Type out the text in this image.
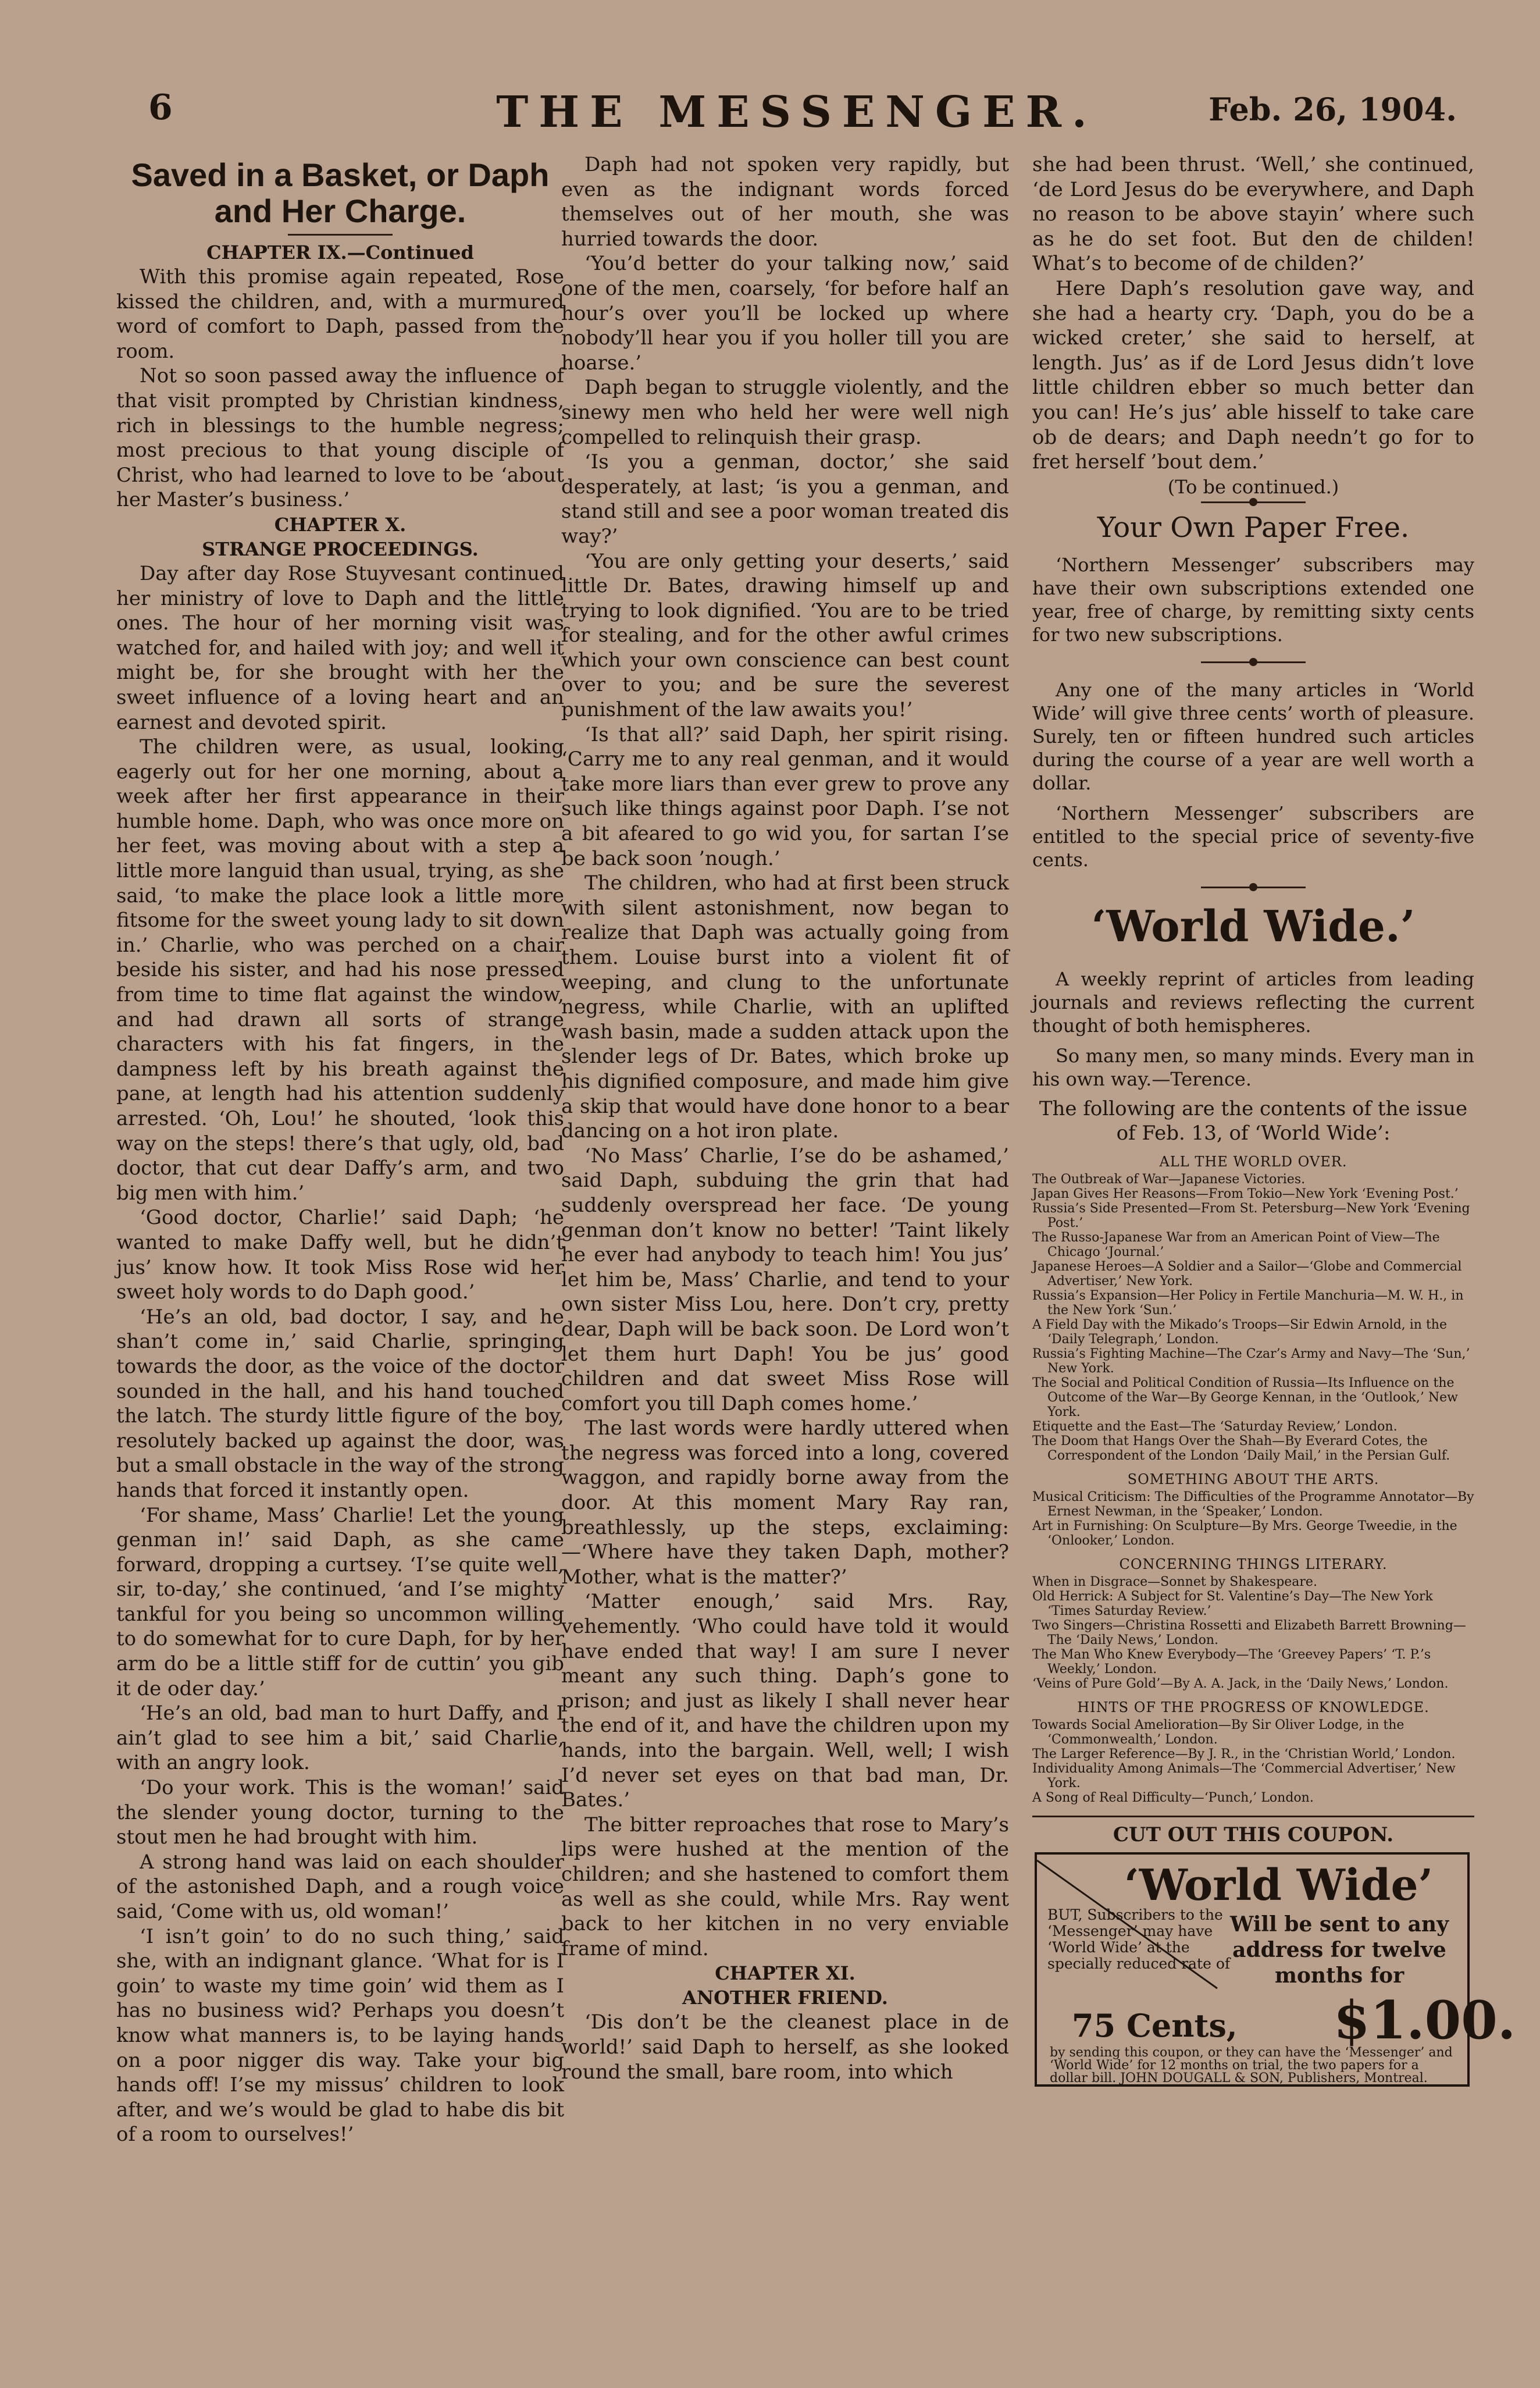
6	THE MESSENGER.	Feb. 26, 1904.
Saved in a Basket, or Daph and Her Charge.
CHAPTER IX.—Continued

With this promise again repeated, Rose kissed the children, and, with a murmured word of comfort to Daph, passed from the room.

Not so soon passed away the influence of that visit prompted by Christian kindness, rich in blessings to the humble negress; most precious to that young disciple of Christ, who had learned to love to be ‘about her Master’s business.’

CHAPTER X.
STRANGE PROCEEDINGS.

Day after day Rose Stuyvesant continued her ministry of love to Daph and the little ones. The hour of her morning visit was watched for, and hailed with joy; and well it might be, for she brought with her the sweet influence of a loving heart and an earnest and devoted spirit.

The children were, as usual, looking eagerly out for her one morning, about a week after her first appearance in their humble home. Daph, who was once more on her feet, was moving about with a step a little more languid than usual, trying, as she said, ‘to make the place look a little more fitsome for the sweet young lady to sit down in.’ Charlie, who was perched on a chair beside his sister, and had his nose pressed from time to time flat against the window, and had drawn all sorts of strange characters with his fat fingers, in the dampness left by his breath against the pane, at length had his attention suddenly arrested. ‘Oh, Lou!’ he shouted, ‘look this way on the steps! there’s that ugly, old, bad doctor, that cut dear Daffy’s arm, and two big men with him.’

‘Good doctor, Charlie!’ said Daph; ‘he wanted to make Daffy well, but he didn’t jus’ know how. It took Miss Rose wid her sweet holy words to do Daph good.’

‘He’s an old, bad doctor, I say, and he shan’t come in,’ said Charlie, springing towards the door, as the voice of the doctor sounded in the hall, and his hand touched the latch. The sturdy little figure of the boy, resolutely backed up against the door, was but a small obstacle in the way of the strong hands that forced it instantly open.

‘For shame, Mass’ Charlie! Let the young genman in!’ said Daph, as she came forward, dropping a curtsey. ‘I’se quite well, sir, to-day,’ she continued, ‘and I’se mighty tankful for you being so uncommon willing to do somewhat for to cure Daph, for by her arm do be a little stiff for de cuttin’ you gib it de oder day.’

‘He’s an old, bad man to hurt Daffy, and I ain’t glad to see him a bit,’ said Charlie, with an angry look.

‘Do your work. This is the woman!’ said the slender young doctor, turning to the stout men he had brought with him.

A strong hand was laid on each shoulder of the astonished Daph, and a rough voice said, ‘Come with us, old woman!’

‘I isn’t goin’ to do no such thing,’ said she, with an indignant glance. ‘What for is I goin’ to waste my time goin’ wid them as I has no business wid? Perhaps you doesn’t know what manners is, to be laying hands on a poor nigger dis way. Take your big hands off! I’se my missus’ children to look after, and we’s would be glad to habe dis bit of a room to ourselves!’

Daph had not spoken very rapidly, but even as the indignant words forced themselves out of her mouth, she was hurried towards the door.

‘You’d better do your talking now,’ said one of the men, coarsely, ‘for before half an hour’s over you’ll be locked up where nobody’ll hear you if you holler till you are hoarse.’

Daph began to struggle violently, and the sinewy men who held her were well nigh compelled to relinquish their grasp.

‘Is you a genman, doctor,’ she said desperately, at last; ‘is you a genman, and stand still and see a poor woman treated dis way?’

‘You are only getting your deserts,’ said little Dr. Bates, drawing himself up and trying to look dignified. ‘You are to be tried for stealing, and for the other awful crimes which your own conscience can best count over to you; and be sure the severest punishment of the law awaits you!’

‘Is that all?’ said Daph, her spirit rising. ‘Carry me to any real genman, and it would take more liars than ever grew to prove any such like things against poor Daph. I’se not a bit afeared to go wid you, for sartan I’se be back soon ’nough.’

The children, who had at first been struck with silent astonishment, now began to realize that Daph was actually going from them. Louise burst into a violent fit of weeping, and clung to the unfortunate negress, while Charlie, with an uplifted wash basin, made a sudden attack upon the slender legs of Dr. Bates, which broke up his dignified composure, and made him give a skip that would have done honor to a bear dancing on a hot iron plate.

‘No Mass’ Charlie, I’se do be ashamed,’ said Daph, subduing the grin that had suddenly overspread her face. ‘De young genman don’t know no better! ’Taint likely he ever had anybody to teach him! You jus’ let him be, Mass’ Charlie, and tend to your own sister Miss Lou, here. Don’t cry, pretty dear, Daph will be back soon. De Lord won’t let them hurt Daph! You be jus’ good children and dat sweet Miss Rose will comfort you till Daph comes home.’

The last words were hardly uttered when the negress was forced into a long, covered waggon, and rapidly borne away from the door. At this moment Mary Ray ran, breathlessly, up the steps, exclaiming:—‘Where have they taken Daph, mother? Mother, what is the matter?’

‘Matter enough,’ said Mrs. Ray, vehemently. ‘Who could have told it would have ended that way! I am sure I never meant any such thing. Daph’s gone to prison; and just as likely I shall never hear the end of it, and have the children upon my hands, into the bargain. Well, well; I wish I’d never set eyes on that bad man, Dr. Bates.’

The bitter reproaches that rose to Mary’s lips were hushed at the mention of the children; and she hastened to comfort them as well as she could, while Mrs. Ray went back to her kitchen in no very enviable frame of mind.

CHAPTER XI.
ANOTHER FRIEND.

‘Dis don’t be the cleanest place in de world!’ said Daph to herself, as she looked round the small, bare room, into which

she had been thrust. ‘Well,’ she continued, ‘de Lord Jesus do be everywhere, and Daph no reason to be above stayin’ where such as he do set foot. But den de childen! What’s to become of de childen?’

Here Daph’s resolution gave way, and she had a hearty cry. ‘Daph, you do be a wicked creter,’ she said to herself, at length. Jus’ as if de Lord Jesus didn’t love little children ebber so much better dan you can! He’s jus’ able hisself to take care ob de dears; and Daph needn’t go for to fret herself ’bout dem.’

(To be continued.)
Your Own Paper Free.

‘Northern Messenger’ subscribers may have their own subscriptions extended one year, free of charge, by remitting sixty cents for two new subscriptions.

Any one of the many articles in ‘World Wide’ will give three cents’ worth of pleasure. Surely, ten or fifteen hundred such articles during the course of a year are well worth a dollar.

‘Northern Messenger’ subscribers are entitled to the special price of seventy-five cents.

‘World Wide.’

A weekly reprint of articles from leading journals and reviews reflecting the current thought of both hemispheres.

So many men, so many minds. Every man in his own way.—Terence.

The following are the contents of the issue of Feb. 13, of ‘World Wide’:
ALL THE WORLD OVER.
The Outbreak of War—Japanese Victories.
Japan Gives Her Reasons—From Tokio—New York ‘Evening Post.’
Russia’s Side Presented—From St. Petersburg—New York ‘Evening Post.’
The Russo-Japanese War from an American Point of View—The Chicago ‘Journal.’
Japanese Heroes—A Soldier and a Sailor—‘Globe and Commercial Advertiser,’ New York.
Russia’s Expansion—Her Policy in Fertile Manchuria—M. W. H., in the New York ‘Sun.’
A Field Day with the Mikado’s Troops—Sir Edwin Arnold, in the ‘Daily Telegraph,’ London.
Russia’s Fighting Machine—The Czar’s Army and Navy—The ‘Sun,’ New York.
The Social and Political Condition of Russia—Its Influence on the Outcome of the War—By George Kennan, in the ‘Outlook,’ New York.
Etiquette and the East—The ‘Saturday Review,’ London.
The Doom that Hangs Over the Shah—By Everard Cotes, the Correspondent of the London ‘Daily Mail,’ in the Persian Gulf.
SOMETHING ABOUT THE ARTS.
Musical Criticism: The Difficulties of the Programme Annotator—By Ernest Newman, in the ‘Speaker,’ London.
Art in Furnishing: On Sculpture—By Mrs. George Tweedie, in the ‘Onlooker,’ London.
CONCERNING THINGS LITERARY.
When in Disgrace—Sonnet by Shakespeare.
Old Herrick: A Subject for St. Valentine’s Day—The New York ‘Times Saturday Review.’
Two Singers—Christina Rossetti and Elizabeth Barrett Browning—The ‘Daily News,’ London.
The Man Who Knew Everybody—The ‘Greevey Papers’ ‘T. P.’s Weekly,’ London.
‘Veins of Pure Gold’—By A. A. Jack, in the ‘Daily News,’ London.
HINTS OF THE PROGRESS OF KNOWLEDGE.
Towards Social Amelioration—By Sir Oliver Lodge, in the ‘Commonwealth,’ London.
The Larger Reference—By J. R., in the ‘Christian World,’ London.
Individuality Among Animals—The ‘Commercial Advertiser,’ New York.
A Song of Real Difficulty—‘Punch,’ London.
CUT OUT THIS COUPON.
‘World Wide’
Will be sent to any address for twelve months for
BUT, Subscribers to the ‘Messenger’ may have ‘World Wide’ at the specially reduced rate of
$1.00.
75 Cents,
by sending this coupon, or they can have the ‘Messenger’ and ‘World Wide’ for 12 months on trial, the two papers for a dollar bill. JOHN DOUGALL & SON, Publishers, Montreal.
